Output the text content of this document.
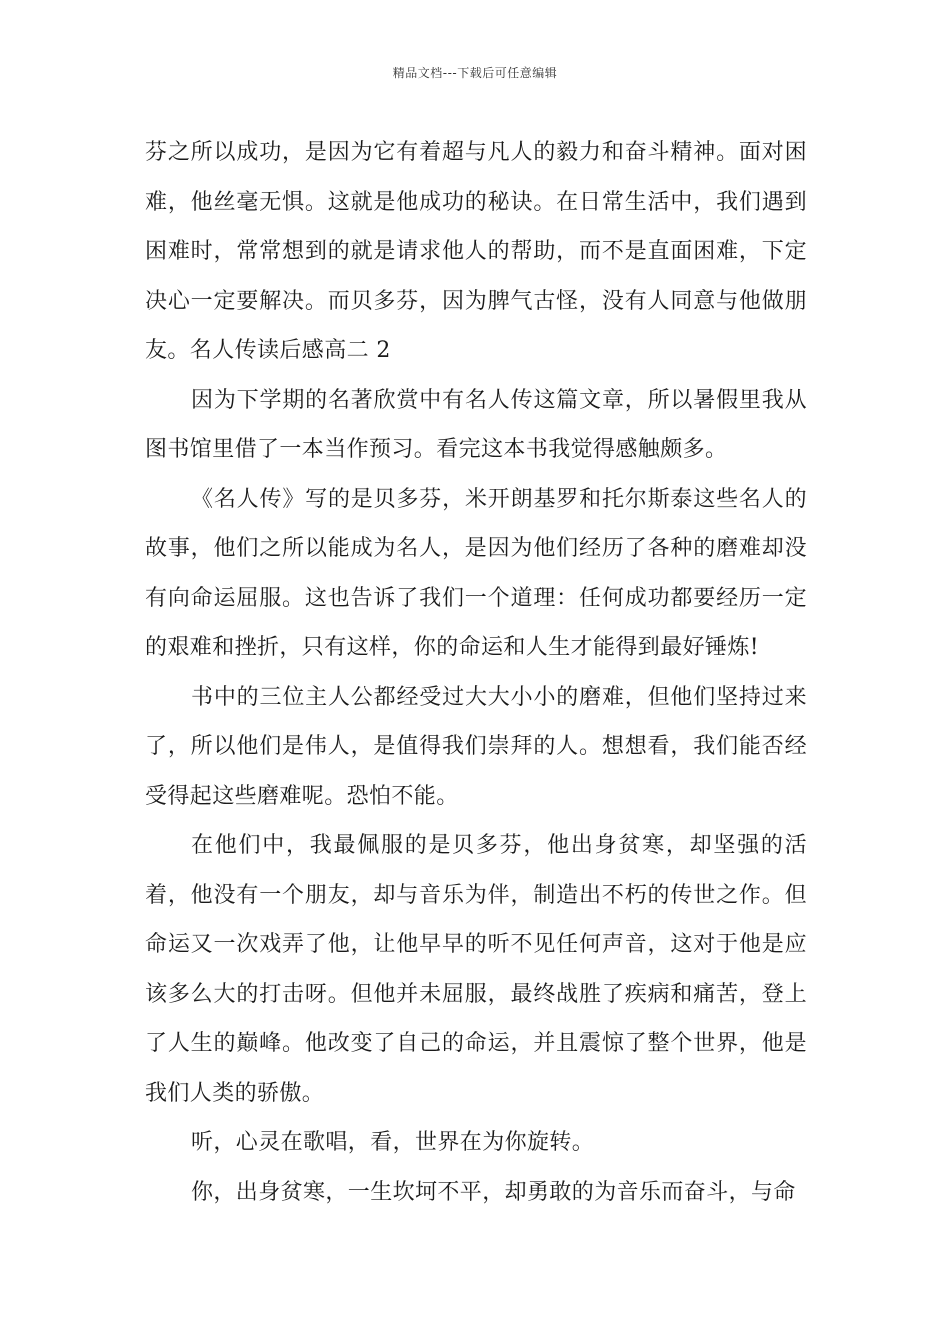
精品文档---下载后可任意编辑

芬之所以成功，是因为它有着超与凡人的毅力和奋斗精神。面对困难，他丝毫无惧。这就是他成功的秘诀。在日常生活中，我们遇到困难时，常常想到的就是请求他人的帮助，而不是直面困难，下定决心一定要解决。而贝多芬，因为脾气古怪，没有人同意与他做朋友。名人传读后感高二 2

因为下学期的名著欣赏中有名人传这篇文章，所以暑假里我从图书馆里借了一本当作预习。看完这本书我觉得感触颇多。

《名人传》写的是贝多芬，米开朗基罗和托尔斯泰这些名人的故事，他们之所以能成为名人，是因为他们经历了各种的磨难却没有向命运屈服。这也告诉了我们一个道理：任何成功都要经历一定的艰难和挫折，只有这样，你的命运和人生才能得到最好锤炼!

书中的三位主人公都经受过大大小小的磨难，但他们坚持过来了，所以他们是伟人，是值得我们崇拜的人。想想看，我们能否经受得起这些磨难呢。恐怕不能。

在他们中，我最佩服的是贝多芬，他出身贫寒，却坚强的活着，他没有一个朋友，却与音乐为伴，制造出不朽的传世之作。但命运又一次戏弄了他，让他早早的听不见任何声音，这对于他是应该多么大的打击呀。但他并未屈服，最终战胜了疾病和痛苦，登上了人生的巅峰。他改变了自己的命运，并且震惊了整个世界，他是我们人类的骄傲。

听，心灵在歌唱，看，世界在为你旋转。

你，出身贫寒，一生坎坷不平，却勇敢的为音乐而奋斗，与命
